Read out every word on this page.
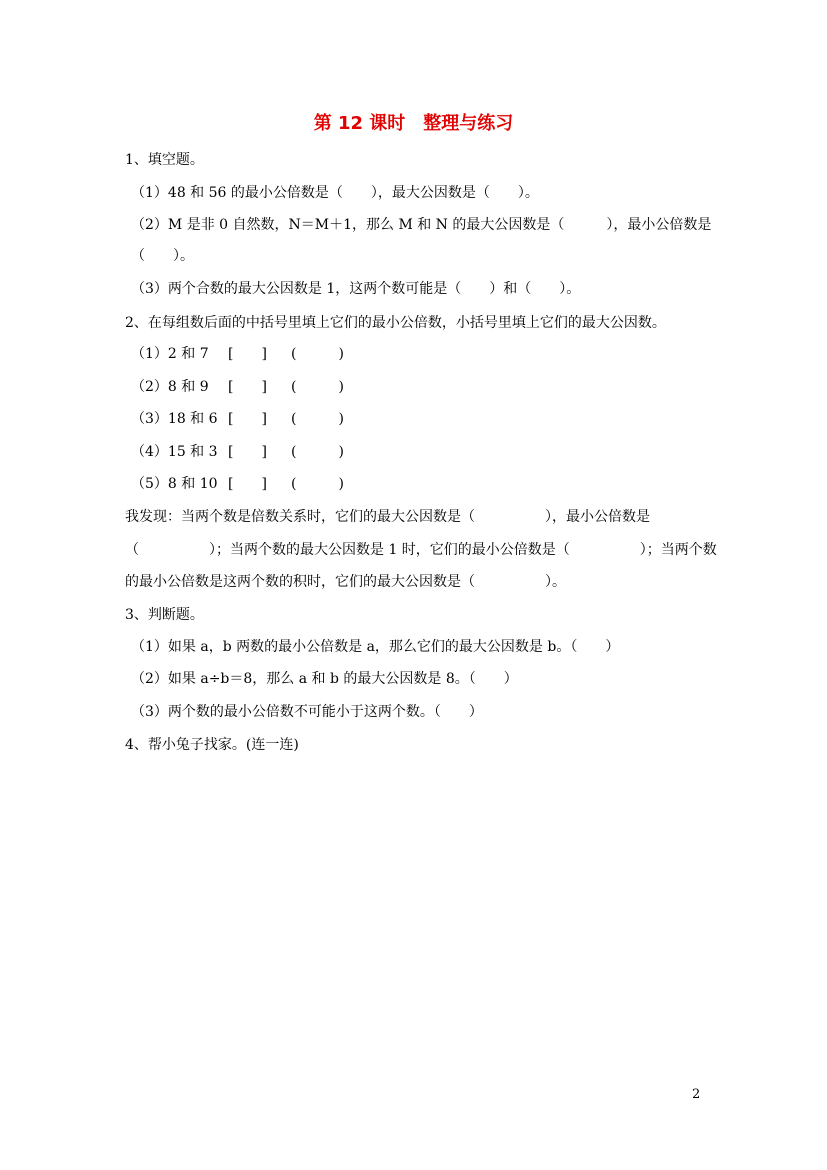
第 12 课时　整理与练习
1、填空题。
（1）48 和 56 的最小公倍数是（　　），最大公因数是（　　）。
（2）M 是非 0 自然数，N＝M＋1，那么 M 和 N 的最大公因数是（　　　），最小公倍数是
（　　）。
（3）两个合数的最大公因数是 1，这两个数可能是（　　）和（　　）。
2、在每组数后面的中括号里填上它们的最小公倍数，小括号里填上它们的最大公因数。
（1）2 和 7 [　　] (　　　)
（2）8 和 9 [　　] (　　　)
（3）18 和 6 [　　] (　　　)
（4）15 和 3 [　　] (　　　)
（5）8 和 10 [　　] (　　　)
我发现：当两个数是倍数关系时，它们的最大公因数是（　　　　　），最小公倍数是
（　　　　　）；当两个数的最大公因数是 1 时，它们的最小公倍数是（　　　　　）；当两个数
的最小公倍数是这两个数的积时，它们的最大公因数是（　　　　　）。
3、判断题。
（1）如果 a，b 两数的最小公倍数是 a，那么它们的最大公因数是 b。（　　）
（2）如果 a÷b＝8，那么 a 和 b 的最大公因数是 8。（　　）
（3）两个数的最小公倍数不可能小于这两个数。（　　）
4、帮小兔子找家。(连一连)
2
